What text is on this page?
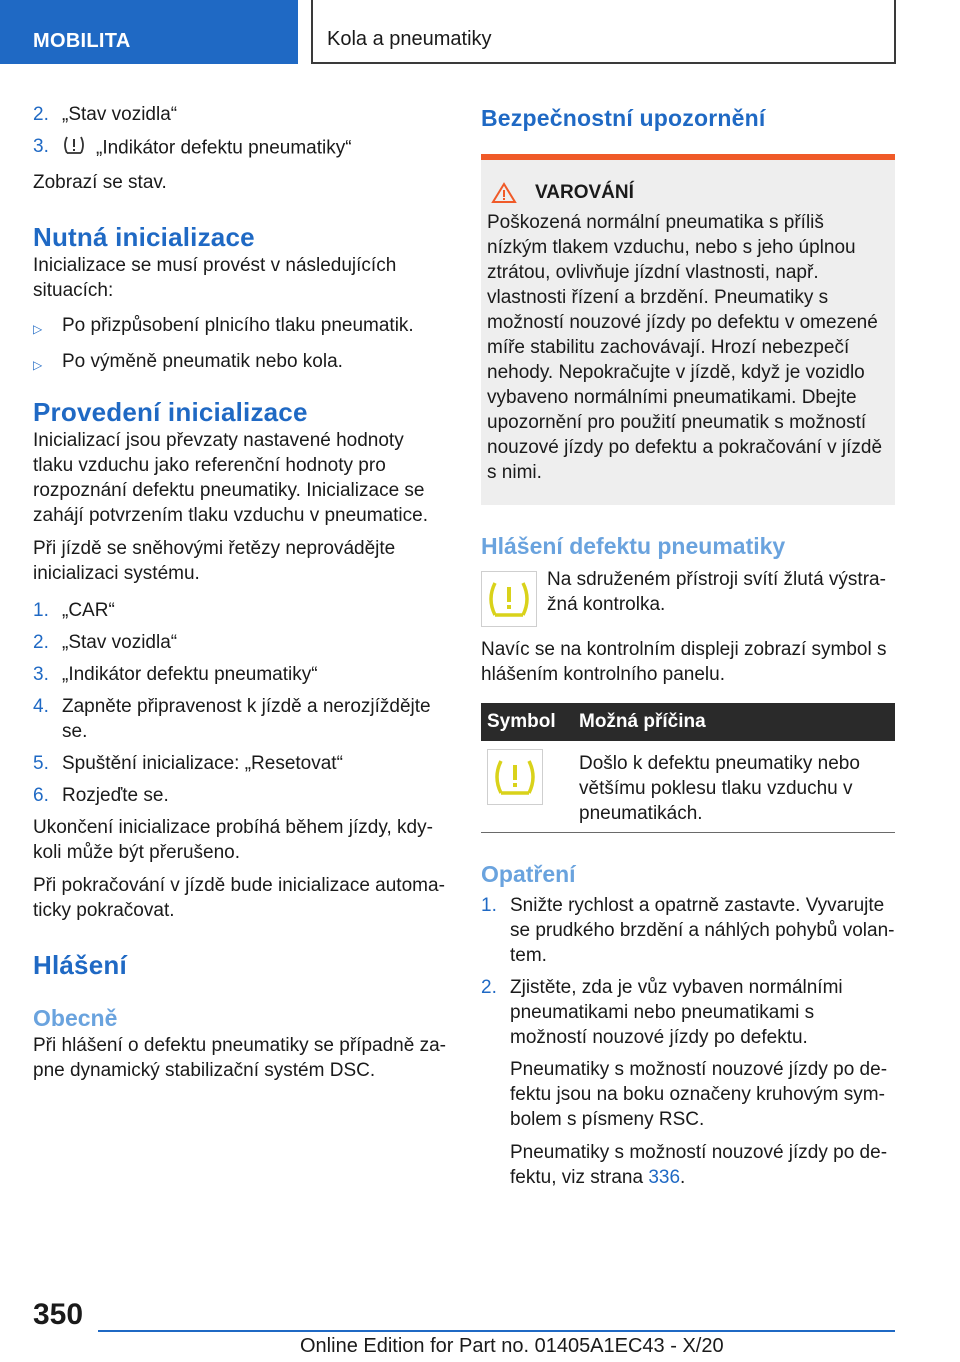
MOBILITA	Kola a pneumatiky
2. „Stav vozidla“
3.	„Indikátor defektu pneumatiky“

Zobrazí se stav.

Nutná inicializace

Inicializace se musí provést v následujících situacích:

▷	Po přizpůsobení plnicího tlaku pneumatik.
▷	Po výměně pneumatik nebo kola.
Provedení inicializace

Inicializací jsou převzaty nastavené hodnoty tlaku vzduchu jako referenční hodnoty pro rozpoznání defektu pneumatiky. Inicializace se zahájí potvrzením tlaku vzduchu v pneumatice.

Při jízdě se sněhovými řetězy neprovádějte inicializaci systému.

1. „CAR“
2. „Stav vozidla“
3. „Indikátor defektu pneumatiky“
4. Zapněte připravenost k jízdě a nerozjíždějte se.
5. Spuštění inicializace: „Resetovat“
6. Rozjeďte se.

Ukončení inicializace probíhá během jízdy, kdykoli může být přerušeno.

Při pokračování v jízdě bude inicializace automaticky pokračovat.

Hlášení
Obecně

Při hlášení o defektu pneumatiky se případně zapne dynamický stabilizační systém DSC.

Bezpečnostní upozornění
VAROVÁNÍ

Poškozená normální pneumatika s příliš nízkým tlakem vzduchu, nebo s jeho úplnou ztrátou, ovlivňuje jízdní vlastnosti, např. vlastnosti řízení a brzdění. Pneumatiky s možností nouzové jízdy po defektu v omezené míře stabilitu zachovávají. Hrozí nebezpečí nehody. Nepokračujte v jízdě, když je vozidlo vybaveno normálními pneumatikami. Dbejte upozornění pro použití pneumatik s možností nouzové jízdy po defektu a pokračování v jízdě s nimi.

Hlášení defektu pneumatiky

Na sdruženém přístroji svítí žlutá výstražná kontrolka.

Navíc se na kontrolním displeji zobrazí symbol s hlášením kontrolního panelu.

Symbol	Možná příčina

	Došlo k defektu pneumatiky nebo většímu poklesu tlaku vzduchu v pneumatikách.
Opatření
1. Snižte rychlost a opatrně zastavte. Vyvarujte se prudkého brzdění a náhlých pohybů volantem.
2. Zjistěte, zda je vůz vybaven normálními pneumatikami nebo pneumatikami s možností nouzové jízdy po defektu.

Pneumatiky s možností nouzové jízdy po defektu jsou na boku označeny kruhovým symbolem s písmeny RSC.

Pneumatiky s možností nouzové jízdy po defektu, viz strana 336.

350
Online Edition for Part no. 01405A1EC43 - X/20
